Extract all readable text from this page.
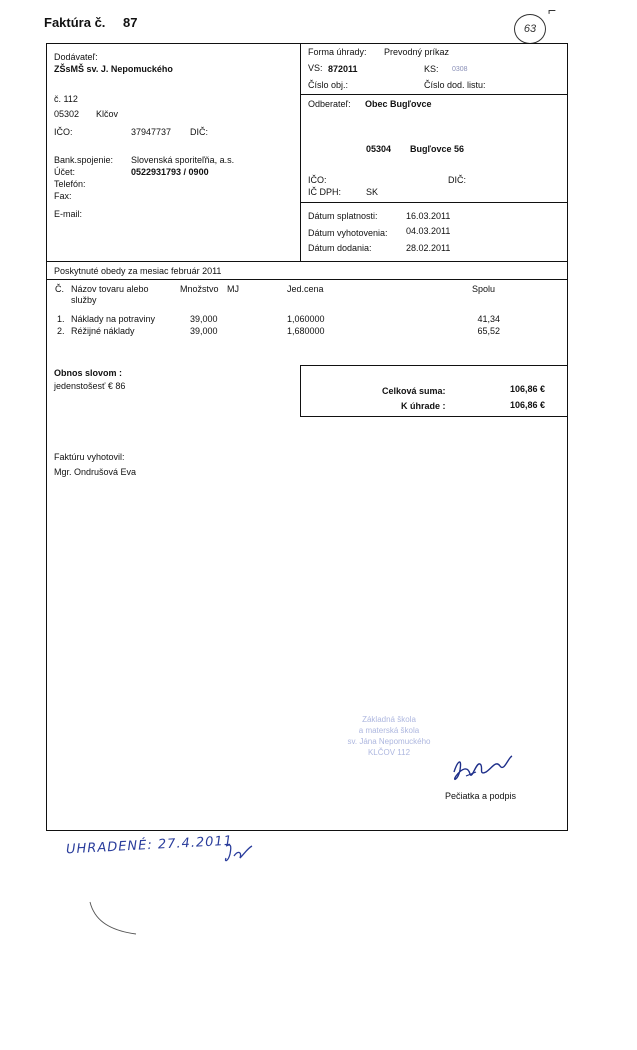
Faktúra č. 87	63
⌐
Dodávateľ:
ZŠsMŠ sv. J. Nepomuckého
č. 112
05302 Klčov
IČO:	37947737 DIČ:
Bank.spojenie: Slovenská sporiteľňa, a.s.
Účet:	0522931793 / 0900
Telefón:
Fax:
E-mail:
Forma úhrady: Prevodný príkaz
VS: 872011	KS: 0308
Číslo obj.:	Číslo dod. listu:
Odberateľ: Obec Bugľovce
05304 Bugľovce 56
IČO:	DIČ:
IČ DPH:	SK
Dátum splatnosti:	16.03.2011
Dátum vyhotovenia: 04.03.2011
Dátum dodania:	28.02.2011
Poskytnuté obedy za mesiac február 2011
Č. Názov tovaru alebo
služby
Množstvo MJ	Jed.cena	Spolu
1. Náklady na potraviny	39,000	1,060000	41,34
2. Réžijné náklady	39,000	1,680000	65,52
Obnos slovom :
jedenstošesť € 86	Celková suma:	106,86 €
K úhrade :	106,86 €
Faktúru vyhotovil:
Mgr. Ondrušová Eva
Základná škola
a materská škola
sv. Jána Nepomuckého
KLČOV 112
Pečiatka a podpis
UHRADENÉ: 27.4.2011
